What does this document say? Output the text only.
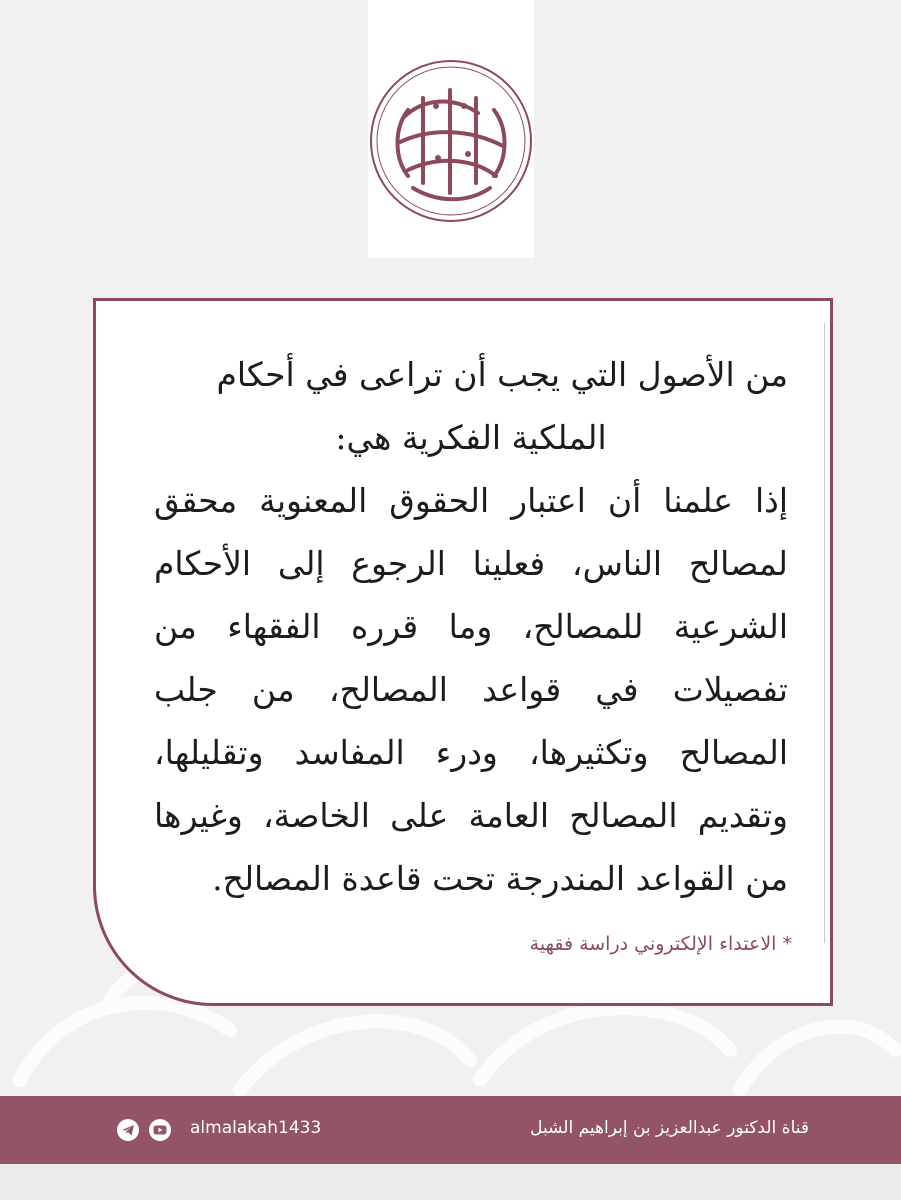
من الأصول التي يجب أن تراعى في أحكام
الملكية الفكرية هي:
إذا علمنا أن اعتبار الحقوق المعنوية محقق لمصالح الناس، فعلينا الرجوع إلى الأحكام الشرعية للمصالح، وما قرره الفقهاء من تفصيلات في قواعد المصالح، من جلب المصالح وتكثيرها، ودرء المفاسد وتقليلها، وتقديم المصالح العامة على الخاصة، وغيرها من القواعد المندرجة تحت قاعدة المصالح.

* الاعتداء الإلكتروني دراسة فقهية
almalakah1433	قناة الدكتور عبدالعزيز بن إبراهيم الشبل
